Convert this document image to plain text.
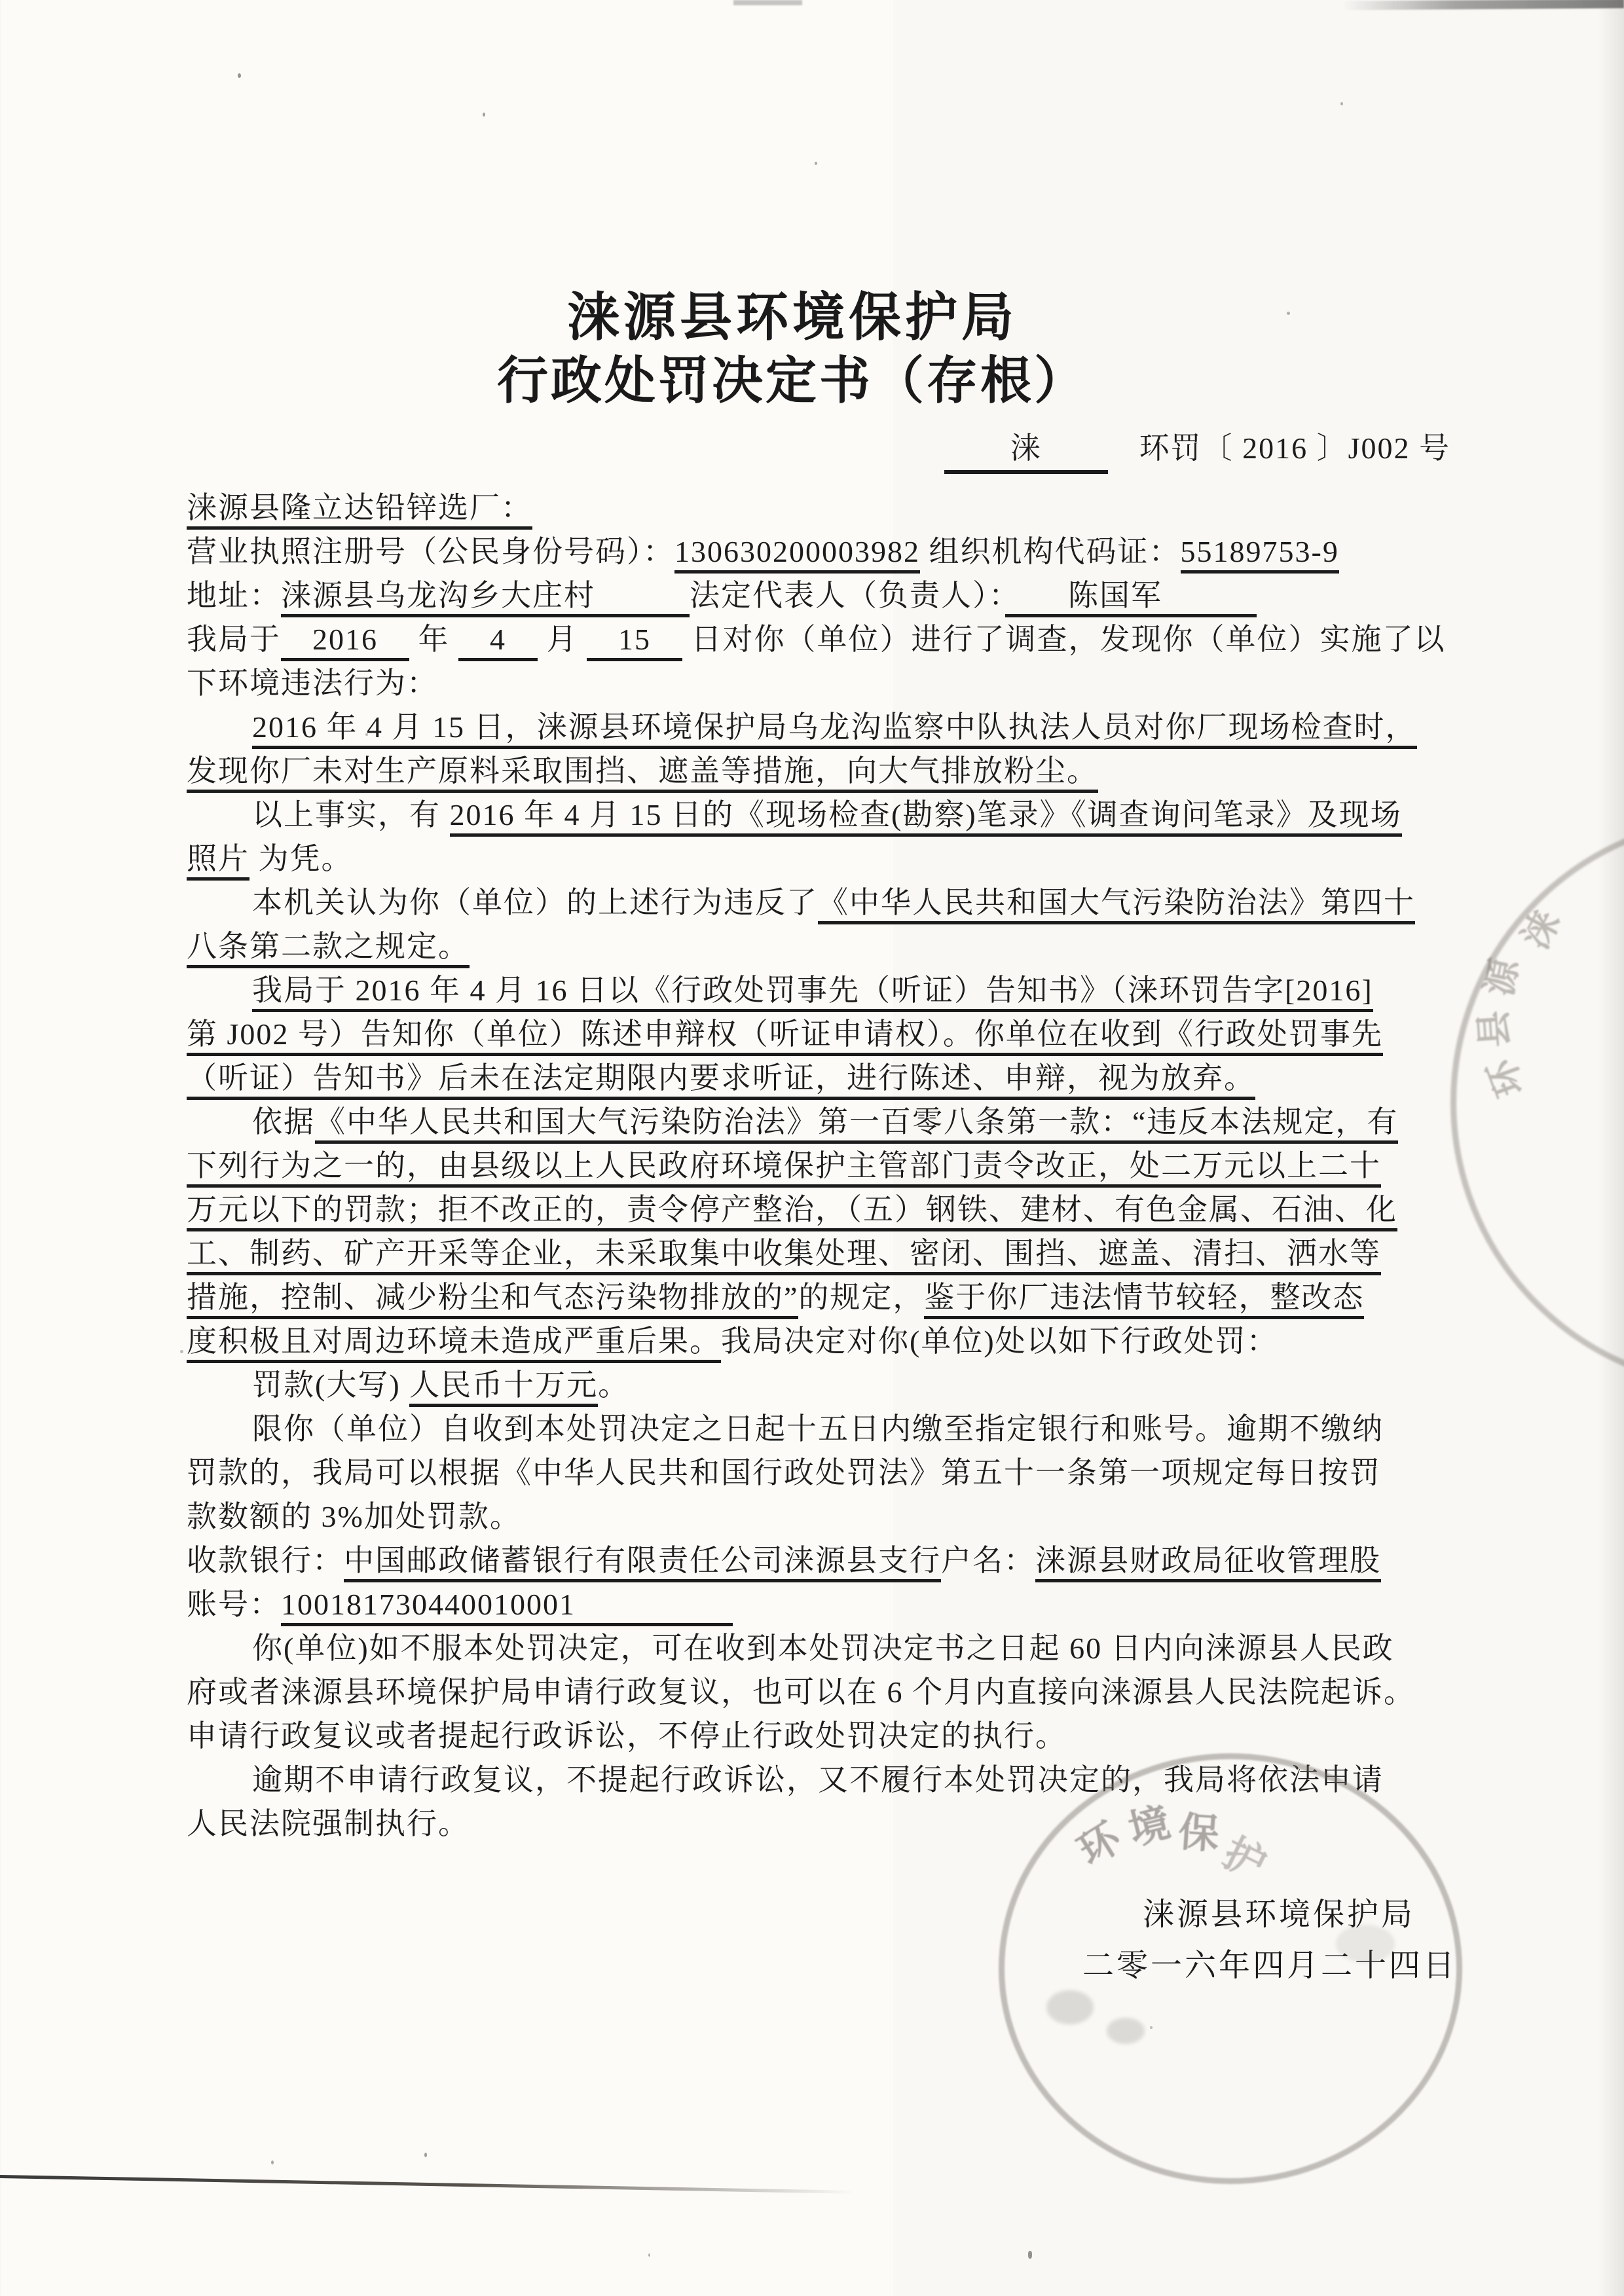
涞源县环境保护局
行政处罚决定书（存根）
涞　环罚〔 2016 〕J002 号
涞源县隆立达铅锌选厂：
营业执照注册号（公民身份号码）：130630200003982 组织机构代码证：55189753-9
地址：涞源县乌龙沟乡大庄村　　　法定代表人（负责人）：　　陈国军　　　
我局于　2016　 年 　4　 月 　15　 日对你（单位）进行了调查，发现你（单位）实施了以
下环境违法行为：
2016 年 4 月 15 日，涞源县环境保护局乌龙沟监察中队执法人员对你厂现场检查时，
发现你厂未对生产原料采取围挡、遮盖等措施，向大气排放粉尘。
以上事实，有 2016 年 4 月 15 日的《现场检查(勘察)笔录》《调查询问笔录》及现场
照片 为凭。
本机关认为你（单位）的上述行为违反了《中华人民共和国大气污染防治法》第四十
八条第二款之规定。
我局于 2016 年 4 月 16 日以《行政处罚事先（听证）告知书》（涞环罚告字[2016]
第 J002 号）告知你（单位）陈述申辩权（听证申请权）。你单位在收到《行政处罚事先
（听证）告知书》后未在法定期限内要求听证，进行陈述、申辩，视为放弃。
依据《中华人民共和国大气污染防治法》第一百零八条第一款：“违反本法规定，有
下列行为之一的，由县级以上人民政府环境保护主管部门责令改正，处二万元以上二十
万元以下的罚款；拒不改正的，责令停产整治，（五）钢铁、建材、有色金属、石油、化
工、制药、矿产开采等企业，未采取集中收集处理、密闭、围挡、遮盖、清扫、洒水等
措施，控制、减少粉尘和气态污染物排放的”的规定，鉴于你厂违法情节较轻，整改态
度积极且对周边环境未造成严重后果。我局决定对你(单位)处以如下行政处罚：
罚款(大写) 人民币十万元。
限你（单位）自收到本处罚决定之日起十五日内缴至指定银行和账号。逾期不缴纳
罚款的，我局可以根据《中华人民共和国行政处罚法》第五十一条第一项规定每日按罚
款数额的 3%加处罚款。
收款银行：中国邮政储蓄银行有限责任公司涞源县支行户名：涞源县财政局征收管理股
账号：100181730440010001　　　　　
你(单位)如不服本处罚决定，可在收到本处罚决定书之日起 60 日内向涞源县人民政
府或者涞源县环境保护局申请行政复议，也可以在 6 个月内直接向涞源县人民法院起诉。
申请行政复议或者提起行政诉讼，不停止行政处罚决定的执行。
逾期不申请行政复议，不提起行政诉讼，又不履行本处罚决定的，我局将依法申请
人民法院强制执行。
涞源县环境保护局
二零一六年四月二十四日
环
境 保
护
涞
源
县
环
